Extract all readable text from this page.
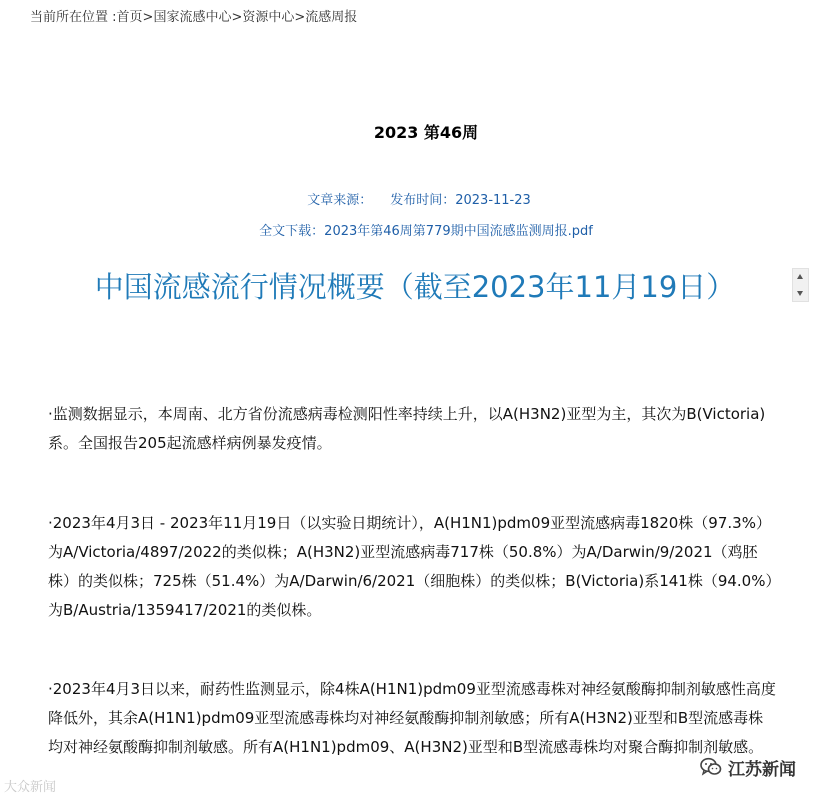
当前所在位置 :首页>国家流感中心>资源中心>流感周报
2023 第46周
文章来源： 发布时间：2023-11-23
全文下载：2023年第46周第779期中国流感监测周报.pdf
中国流感流行情况概要（截至2023年11月19日）
·监测数据显示，本周南、北方省份流感病毒检测阳性率持续上升，以A(H3N2)亚型为主，其次为B(Victoria)系。全国报告205起流感样病例暴发疫情。
·2023年4月3日 - 2023年11月19日（以实验日期统计），A(H1N1)pdm09亚型流感病毒1820株（97.3%）为A/Victoria/4897/2022的类似株；A(H3N2)亚型流感病毒717株（50.8%）为A/Darwin/9/2021（鸡胚株）的类似株；725株（51.4%）为A/Darwin/6/2021（细胞株）的类似株；B(Victoria)系141株（94.0%）为B/Austria/1359417/2021的类似株。
·2023年4月3日以来，耐药性监测显示，除4株A(H1N1)pdm09亚型流感毒株对神经氨酸酶抑制剂敏感性高度降低外，其余A(H1N1)pdm09亚型流感毒株均对神经氨酸酶抑制剂敏感；所有A(H3N2)亚型和B型流感毒株均对神经氨酸酶抑制剂敏感。所有A(H1N1)pdm09、A(H3N2)亚型和B型流感毒株均对聚合酶抑制剂敏感。
大众新闻
江苏新闻
